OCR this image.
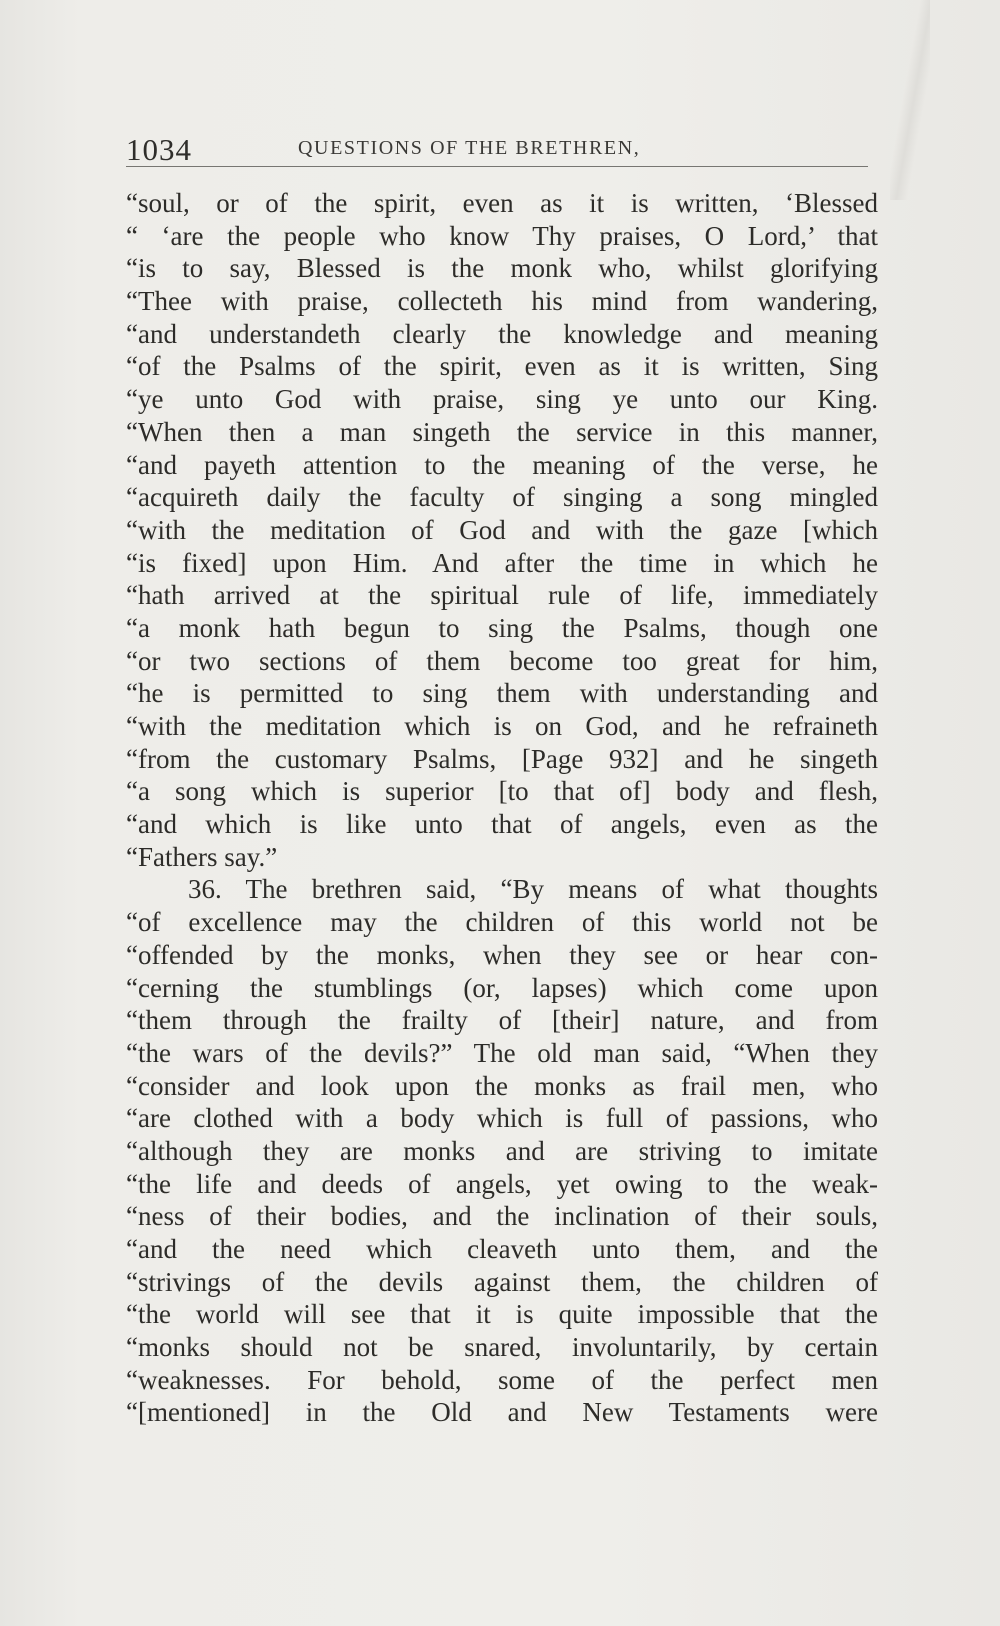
1034	QUESTIONS OF THE BRETHREN,
“soul, or of the spirit, even as it is written, ‘Blessed
“ ‘are the people who know Thy praises, O Lord,’ that
“is to say, Blessed is the monk who, whilst glorifying
“Thee with praise, collecteth his mind from wandering,
“and understandeth clearly the knowledge and meaning
“of the Psalms of the spirit, even as it is written, Sing
“ye unto God with praise, sing ye unto our King.
“When then a man singeth the service in this manner,
“and payeth attention to the meaning of the verse, he
“acquireth daily the faculty of singing a song mingled
“with the meditation of God and with the gaze [which
“is fixed] upon Him. And after the time in which he
“hath arrived at the spiritual rule of life, immediately
“a monk hath begun to sing the Psalms, though one
“or two sections of them become too great for him,
“he is permitted to sing them with understanding and
“with the meditation which is on God, and he refraineth
“from the customary Psalms, [Page 932] and he singeth
“a song which is superior [to that of] body and flesh,
“and which is like unto that of angels, even as the
“Fathers say.”
36. The brethren said, “By means of what thoughts
“of excellence may the children of this world not be
“offended by the monks, when they see or hear con-
“cerning the stumblings (or, lapses) which come upon
“them through the frailty of [their] nature, and from
“the wars of the devils?” The old man said, “When they
“consider and look upon the monks as frail men, who
“are clothed with a body which is full of passions, who
“although they are monks and are striving to imitate
“the life and deeds of angels, yet owing to the weak-
“ness of their bodies, and the inclination of their souls,
“and the need which cleaveth unto them, and the
“strivings of the devils against them, the children of
“the world will see that it is quite impossible that the
“monks should not be snared, involuntarily, by certain
“weaknesses. For behold, some of the perfect men
“[mentioned] in the Old and New Testaments were
